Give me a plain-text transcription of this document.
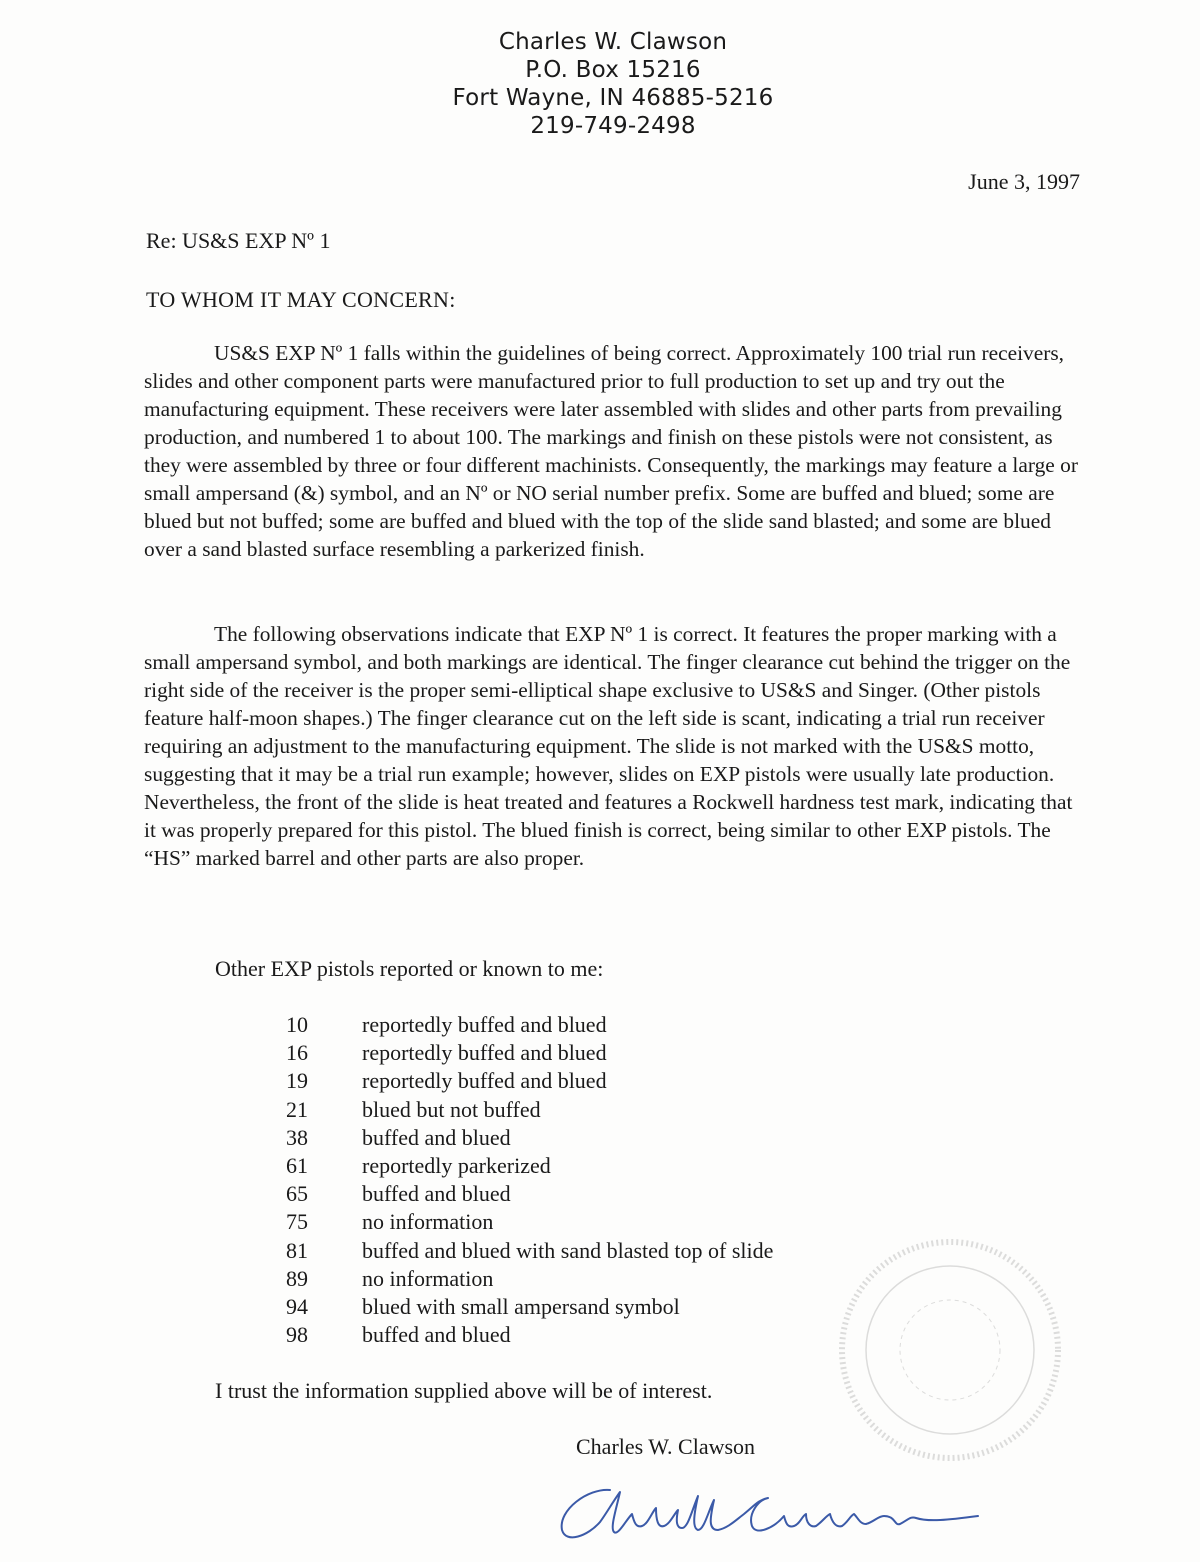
Charles W. Clawson
P.O. Box 15216
Fort Wayne, IN 46885-5216
219-749-2498
June 3, 1997
Re: US&S EXP Nº 1
TO WHOM IT MAY CONCERN:

US&S EXP Nº 1 falls within the guidelines of being correct. Approximately 100 trial run receivers, slides and other component parts were manufactured prior to full production to set up and try out the manufacturing equipment. These receivers were later assembled with slides and other parts from prevailing production, and numbered 1 to about 100. The markings and finish on these pistols were not consistent, as they were assembled by three or four different machinists. Consequently, the markings may feature a large or small ampersand (&) symbol, and an Nº or NO serial number prefix. Some are buffed and blued; some are blued but not buffed; some are buffed and blued with the top of the slide sand blasted; and some are blued over a sand blasted surface resembling a parkerized finish.

The following observations indicate that EXP Nº 1 is correct. It features the proper marking with a small ampersand symbol, and both markings are identical. The finger clearance cut behind the trigger on the right side of the receiver is the proper semi-elliptical shape exclusive to US&S and Singer. (Other pistols feature half-moon shapes.) The finger clearance cut on the left side is scant, indicating a trial run receiver requiring an adjustment to the manufacturing equipment. The slide is not marked with the US&S motto, suggesting that it may be a trial run example; however, slides on EXP pistols were usually late production. Nevertheless, the front of the slide is heat treated and features a Rockwell hardness test mark, indicating that it was properly prepared for this pistol. The blued finish is correct, being similar to other EXP pistols. The “HS” marked barrel and other parts are also proper.

Other EXP pistols reported or known to me:
10	reportedly buffed and blued
16	reportedly buffed and blued
19	reportedly buffed and blued
21	blued but not buffed
38	buffed and blued
61	reportedly parkerized
65	buffed and blued
75	no information
81	buffed and blued with sand blasted top of slide
89	no information
94	blued with small ampersand symbol
98	buffed and blued
I trust the information supplied above will be of interest.
Charles W. Clawson
